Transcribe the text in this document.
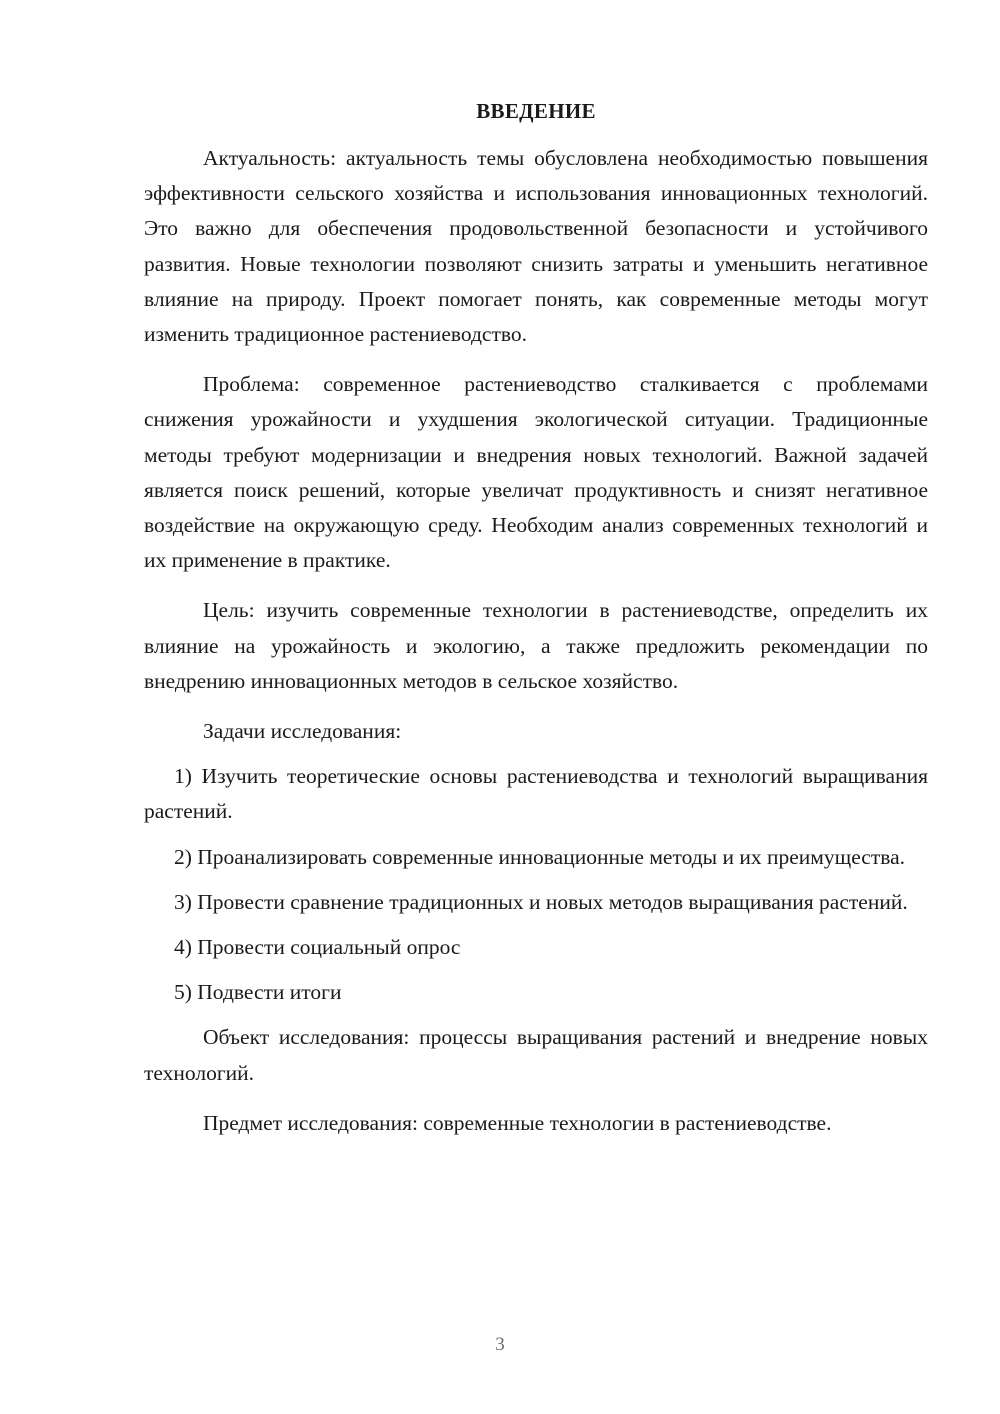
ВВЕДЕНИЕ

Актуальность: актуальность темы обусловлена необходимостью повышения эффективности сельского хозяйства и использования инновационных технологий. Это важно для обеспечения продовольственной безопасности и устойчивого развития. Новые технологии позволяют снизить затраты и уменьшить негативное влияние на природу. Проект помогает понять, как современные методы могут изменить традиционное растениеводство.

Проблема: современное растениеводство сталкивается с проблемами снижения урожайности и ухудшения экологической ситуации. Традиционные методы требуют модернизации и внедрения новых технологий. Важной задачей является поиск решений, которые увеличат продуктивность и снизят негативное воздействие на окружающую среду. Необходим анализ современных технологий и их применение в практике.

Цель: изучить современные технологии в растениеводстве, определить их влияние на урожайность и экологию, а также предложить рекомендации по внедрению инновационных методов в сельское хозяйство.

Задачи исследования:

1) Изучить теоретические основы растениеводства и технологий выращивания растений.

2) Проанализировать современные инновационные методы и их преимущества.

3) Провести сравнение традиционных и новых методов выращивания растений.

4) Провести социальный опрос

5) Подвести итоги

Объект исследования: процессы выращивания растений и внедрение новых технологий.

Предмет исследования: современные технологии в растениеводстве.

3
